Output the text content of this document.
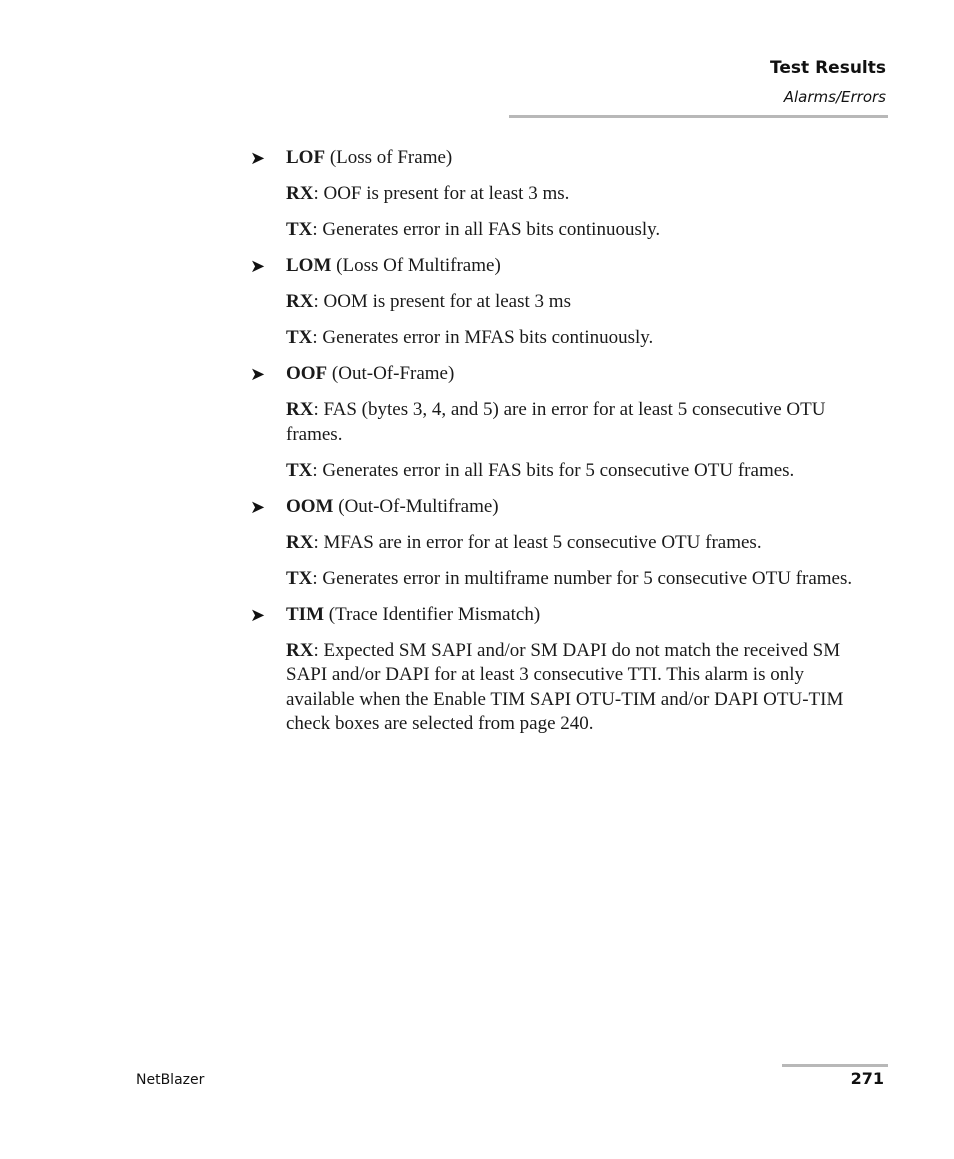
Test Results
Alarms/Errors
➤ LOF (Loss of Frame)

RX: OOF is present for at least 3 ms.

TX: Generates error in all FAS bits continuously.

➤ LOM (Loss Of Multiframe)

RX: OOM is present for at least 3 ms

TX: Generates error in MFAS bits continuously.

➤ OOF (Out-Of-Frame)

RX: FAS (bytes 3, 4, and 5) are in error for at least 5 consecutive OTU frames.

TX: Generates error in all FAS bits for 5 consecutive OTU frames.

➤ OOM (Out-Of-Multiframe)

RX: MFAS are in error for at least 5 consecutive OTU frames.

TX: Generates error in multiframe number for 5 consecutive OTU frames.

➤ TIM (Trace Identifier Mismatch)

RX: Expected SM SAPI and/or SM DAPI do not match the received SM SAPI and/or DAPI for at least 3 consecutive TTI. This alarm is only available when the Enable TIM SAPI OTU-TIM and/or DAPI OTU-TIM check boxes are selected from page 240.

NetBlazer	271
